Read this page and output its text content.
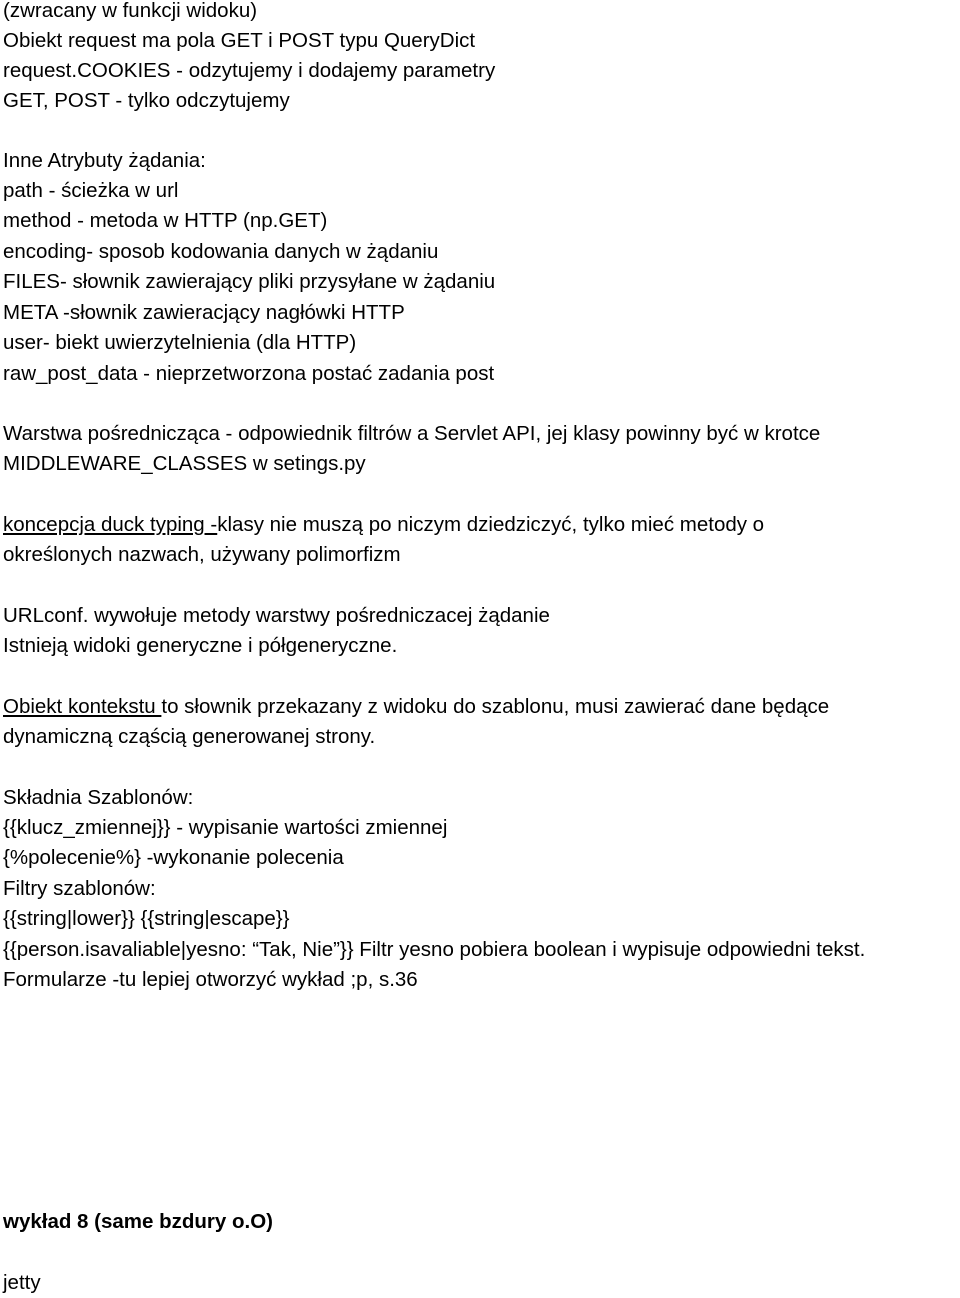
(zwracany w funkcji widoku)
Obiekt request ma pola GET i POST typu QueryDict
request.COOKIES - odzytujemy i dodajemy parametry
GET, POST - tylko odczytujemy
Inne Atrybuty żądania:
path - ścieżka w url
method - metoda w HTTP (np.GET)
encoding- sposob kodowania danych w żądaniu
FILES- słownik zawierający pliki przysyłane w żądaniu
META -słownik zawieracjący nagłówki HTTP
user- biekt uwierzytelnienia (dla HTTP)
raw_post_data - nieprzetworzona postać zadania post
Warstwa pośrednicząca - odpowiednik filtrów a Servlet API, jej klasy powinny być w krotce
MIDDLEWARE_CLASSES w setings.py
koncepcja duck typing -klasy nie muszą po niczym dziedziczyć, tylko mieć metody o
określonych nazwach, używany polimorfizm
URLconf. wywołuje metody warstwy pośredniczacej żądanie
Istnieją widoki generyczne i półgeneryczne.
Obiekt kontekstu to słownik przekazany z widoku do szablonu, musi zawierać dane będące
dynamiczną cząścią generowanej strony.
Składnia Szablonów:
{{klucz_zmiennej}} - wypisanie wartości zmiennej
{%polecenie%} -wykonanie polecenia
Filtry szablonów:
{{string|lower}} {{string|escape}}
{{person.isavaliable|yesno: “Tak, Nie”}} Filtr yesno pobiera boolean i wypisuje odpowiedni tekst.
Formularze -tu lepiej otworzyć wykład ;p, s.36
wykład 8 (same bzdury o.O)
jetty
